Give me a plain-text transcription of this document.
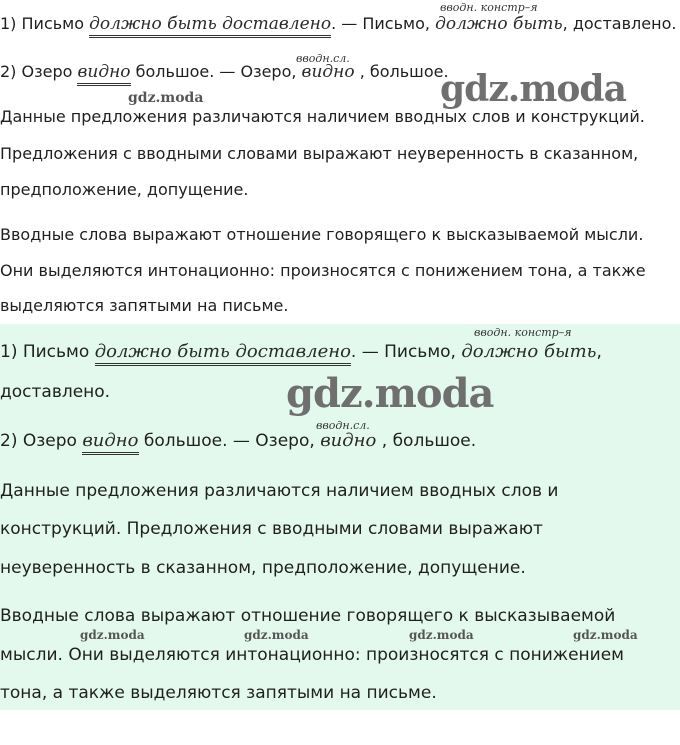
вводн. констр–я
1) Письмо должно быть доставлено. — Письмо, должно быть, доставлено.
вводн.сл.
2) Озеро видно большое. — Озеро, видно , большое.
gdz.moda
gdz.moda
Данные предложения различаются наличием вводных слов и конструкций.
Предложения с вводными словами выражают неуверенность в сказанном,
предположение, допущение.
Вводные слова выражают отношение говорящего к высказываемой мысли.
Они выделяются интонационно: произносятся с понижением тона, а также
выделяются запятыми на письме.
вводн. констр–я
1) Письмо должно быть доставлено. — Письмо, должно быть,
доставлено.	gdz.moda
вводн.сл.
2) Озеро видно большое. — Озеро, видно , большое.
Данные предложения различаются наличием вводных слов и
конструкций. Предложения с вводными словами выражают
неуверенность в сказанном, предположение, допущение.
Вводные слова выражают отношение говорящего к высказываемой
gdz.moda	gdz.moda	gdz.moda	gdz.moda
мысли. Они выделяются интонационно: произносятся с понижением
тона, а также выделяются запятыми на письме.
